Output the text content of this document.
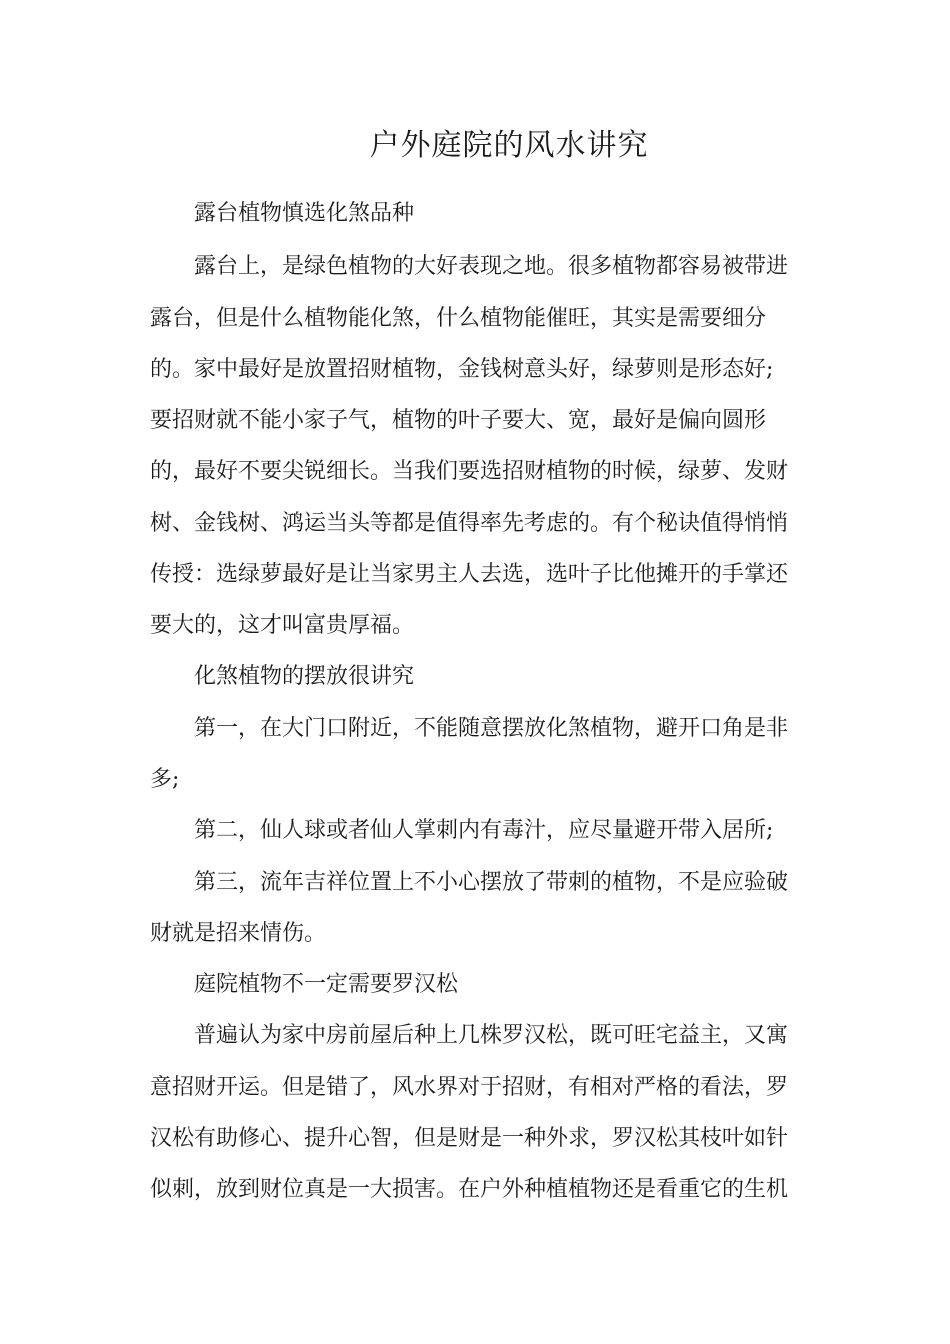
户外庭院的风水讲究
露台植物慎选化煞品种
露台上，是绿色植物的大好表现之地。很多植物都容易被带进
露台，但是什么植物能化煞，什么植物能催旺，其实是需要细分
的。家中最好是放置招财植物，金钱树意头好，绿萝则是形态好;
要招财就不能小家子气，植物的叶子要大、宽，最好是偏向圆形
的，最好不要尖锐细长。当我们要选招财植物的时候，绿萝、发财
树、金钱树、鸿运当头等都是值得率先考虑的。有个秘诀值得悄悄
传授：选绿萝最好是让当家男主人去选，选叶子比他摊开的手掌还
要大的，这才叫富贵厚福。
化煞植物的摆放很讲究
第一，在大门口附近，不能随意摆放化煞植物，避开口角是非
多;
第二，仙人球或者仙人掌刺内有毒汁，应尽量避开带入居所;
第三，流年吉祥位置上不小心摆放了带刺的植物，不是应验破
财就是招来情伤。
庭院植物不一定需要罗汉松
普遍认为家中房前屋后种上几株罗汉松，既可旺宅益主，又寓
意招财开运。但是错了，风水界对于招财，有相对严格的看法，罗
汉松有助修心、提升心智，但是财是一种外求，罗汉松其枝叶如针
似刺，放到财位真是一大损害。在户外种植植物还是看重它的生机
